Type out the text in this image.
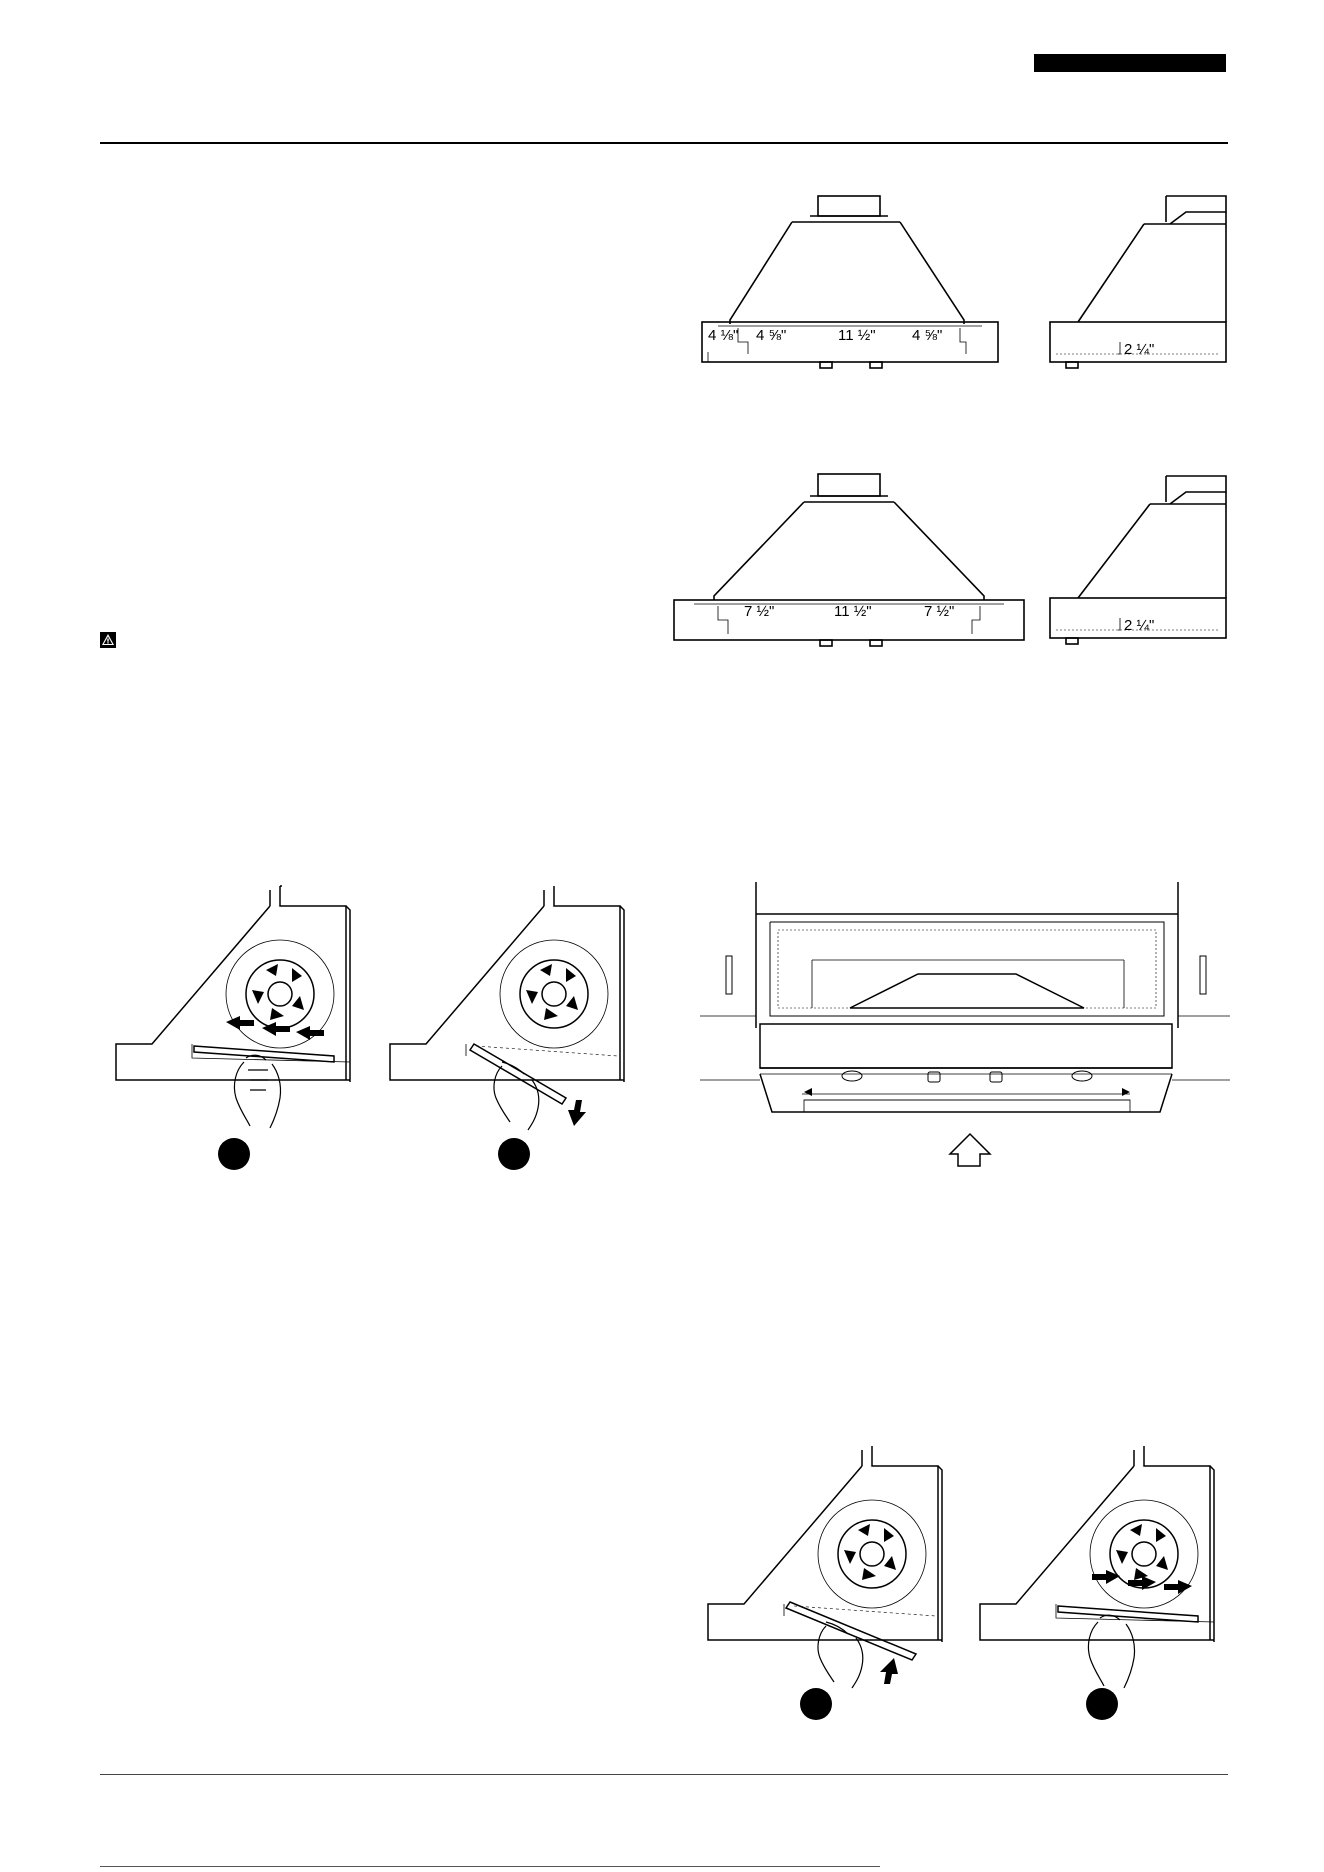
4 ⅛" 4 ⅝"	11 ½" 4 ⅝"
2 ¼"
7 ½"	11 ½"	7 ½"
2 ¼"
